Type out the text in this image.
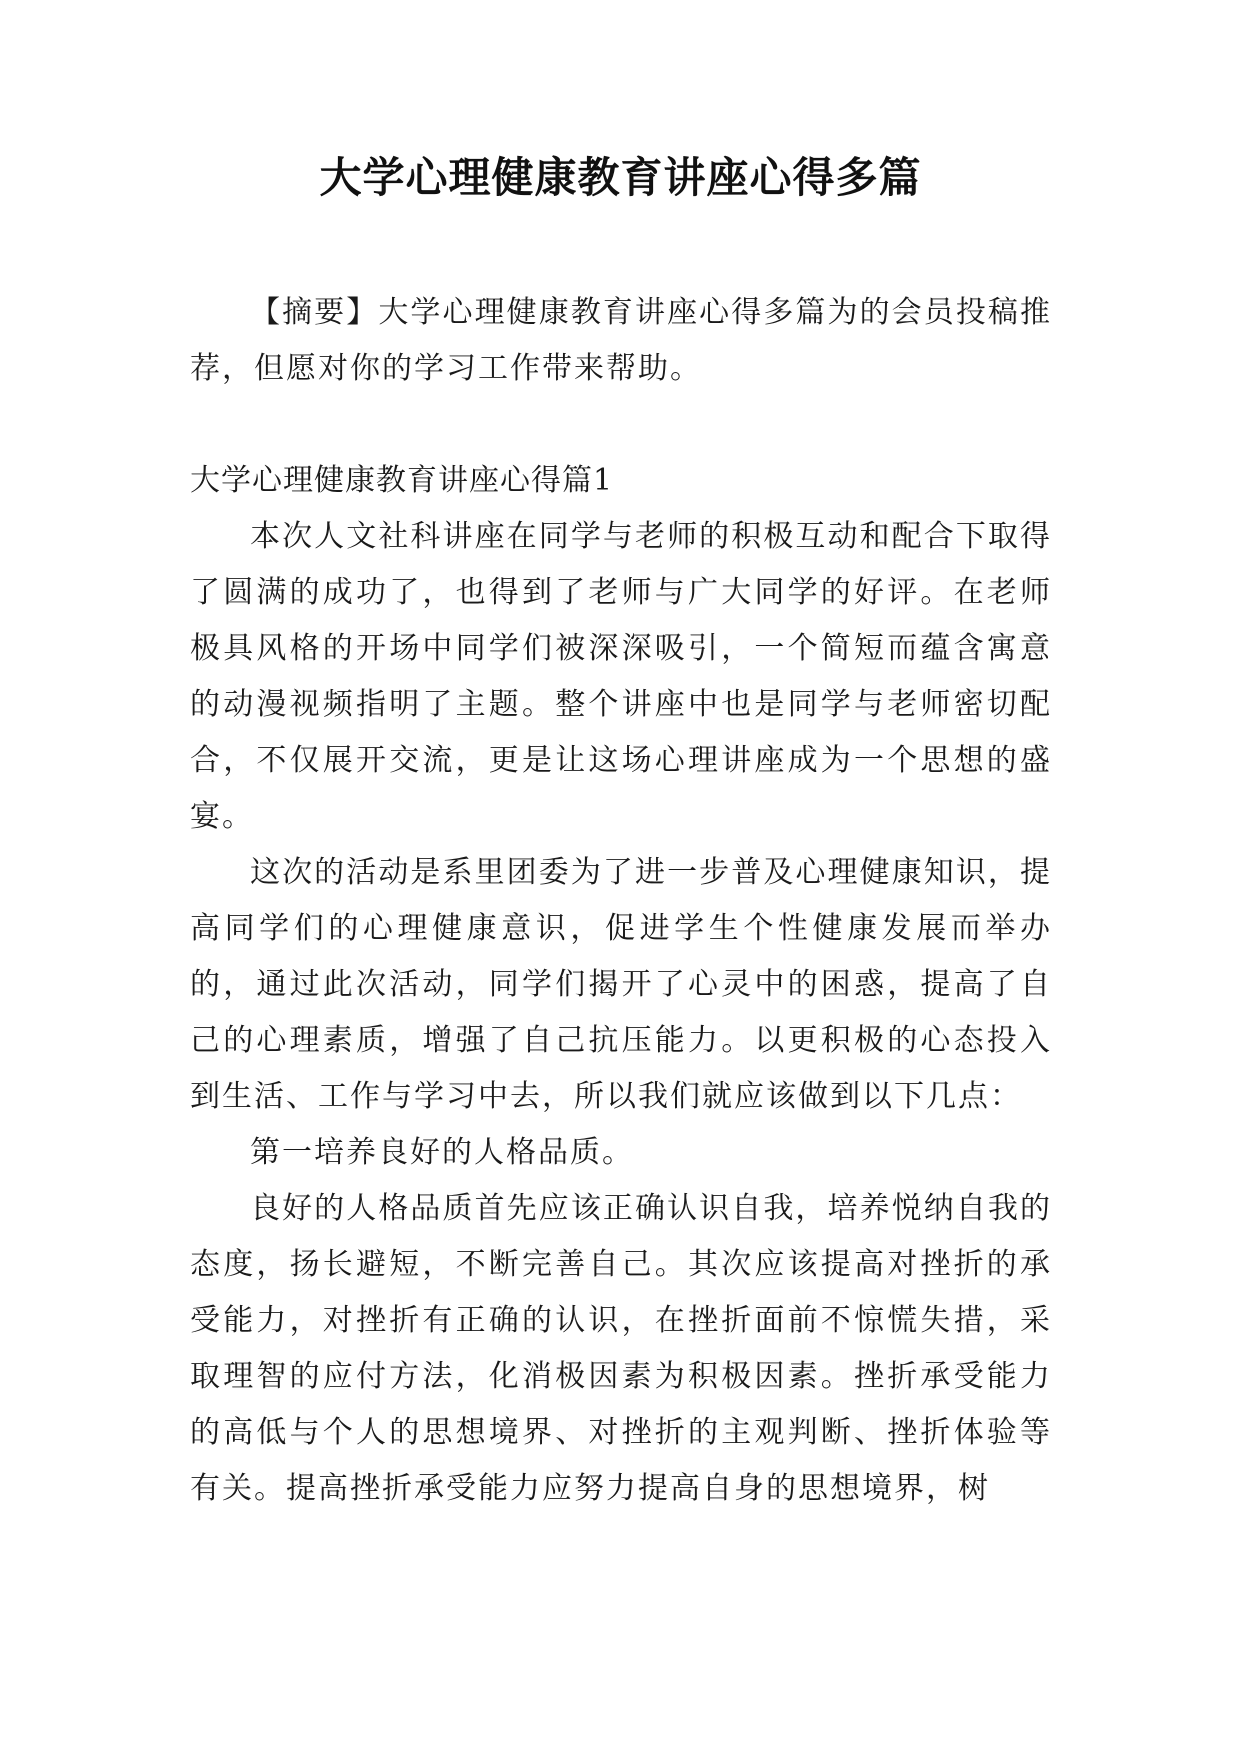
大学心理健康教育讲座心得多篇

【摘要】大学心理健康教育讲座心得多篇为的会员投稿推荐，但愿对你的学习工作带来帮助。

大学心理健康教育讲座心得篇1

本次人文社科讲座在同学与老师的积极互动和配合下取得了圆满的成功了，也得到了老师与广大同学的好评。在老师极具风格的开场中同学们被深深吸引，一个简短而蕴含寓意的动漫视频指明了主题。整个讲座中也是同学与老师密切配合，不仅展开交流，更是让这场心理讲座成为一个思想的盛宴。

这次的活动是系里团委为了进一步普及心理健康知识，提高同学们的心理健康意识，促进学生个性健康发展而举办的，通过此次活动，同学们揭开了心灵中的困惑，提高了自己的心理素质，增强了自己抗压能力。以更积极的心态投入到生活、工作与学习中去，所以我们就应该做到以下几点：

第一培养良好的人格品质。

良好的人格品质首先应该正确认识自我，培养悦纳自我的态度，扬长避短，不断完善自己。其次应该提高对挫折的承受能力，对挫折有正确的认识，在挫折面前不惊慌失措，采取理智的应付方法，化消极因素为积极因素。挫折承受能力的高低与个人的思想境界、对挫折的主观判断、挫折体验等有关。提高挫折承受能力应努力提高自身的思想境界，树
